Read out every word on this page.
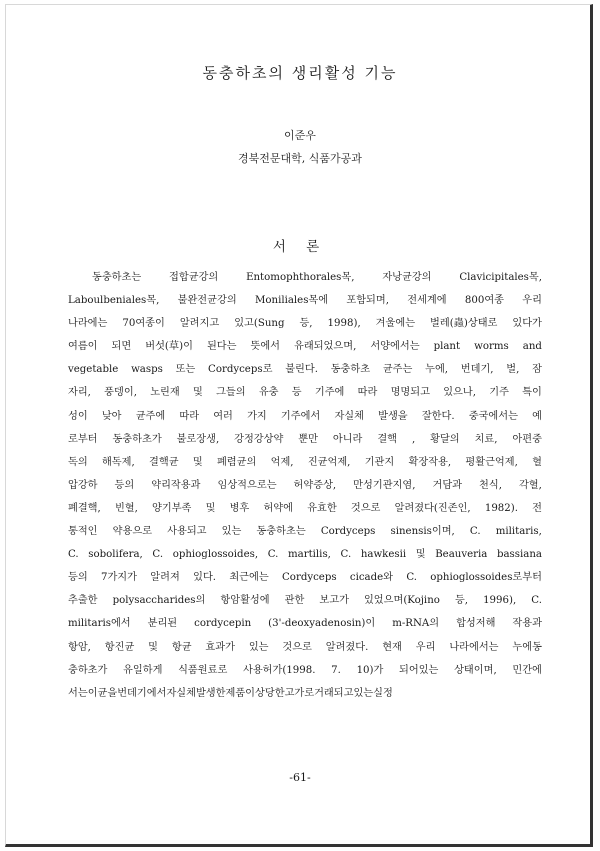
동충하초의 생리활성 기능
이준우
경북전문대학, 식품가공과
서 론
동충하초는	접합균강의	Entomophthorales목,	자낭균강의	Clavicipitales목,
Laboulbeniales목, 불완전균강의 Moniliales목에 포함되며, 전세계에 800여종 우리
나라에는 70여종이 알려지고 있고(Sung 등, 1998), 겨울에는 벌레(蟲)상태로 있다가
여름이 되면 버섯(草)이 된다는 뜻에서 유래되었으며, 서양에서는 plant worms and
vegetable wasps 또는 Cordyceps로 불린다. 동충하초 균주는 누에, 번데기, 벌, 잠
자리, 풍뎅이, 노린재 및 그들의 유충 등 기주에 따라 명명되고 있으나, 기주 특이
성이 낮아 균주에 따라 여러 가지 기주에서 자실체 발생을 잘한다. 중국에서는 예
로부터 동충하초가 불로장생, 강정강상약 뿐만 아니라 결핵 , 황달의 치료, 아편중
독의 해독제, 결핵균 및 폐렴균의 억제, 진균억제, 기관지 확장작용, 평활근억제, 혈
압강하 등의 약리작용과 임상적으로는 허약증상, 만성기관지염, 거담과 천식, 각혈,
폐결핵, 빈혈, 양기부족 및 병후 허약에 유효한 것으로 알려졌다(진존인, 1982). 전
통적인 약용으로 사용되고 있는 동충하초는 Cordyceps sinensis이며, C. militaris,
C. sobolifera, C. ophioglossoides, C. martilis, C. hawkesii 및 Beauveria bassiana
등의 7가지가 알려져 있다. 최근에는 Cordyceps cicade와 C. ophioglossoides로부터
추출한 polysaccharides의 항암활성에 관한 보고가 있었으며(Kojino 등, 1996), C.
militaris에서 분리된 cordycepin (3'-deoxyadenosin)이 m-RNA의 합성저해 작용과
항암, 항진균 및 항균 효과가 있는 것으로 알려졌다. 현재 우리 나라에서는 누에동
충하초가 유일하게 식품원료로 사용허가(1998. 7. 10)가 되어있는 상태이며, 민간에
서는 이 균을 번데기에서 자실체 발생한 제품이 상당한 고가로 거래되고 있는 실정
-61-
